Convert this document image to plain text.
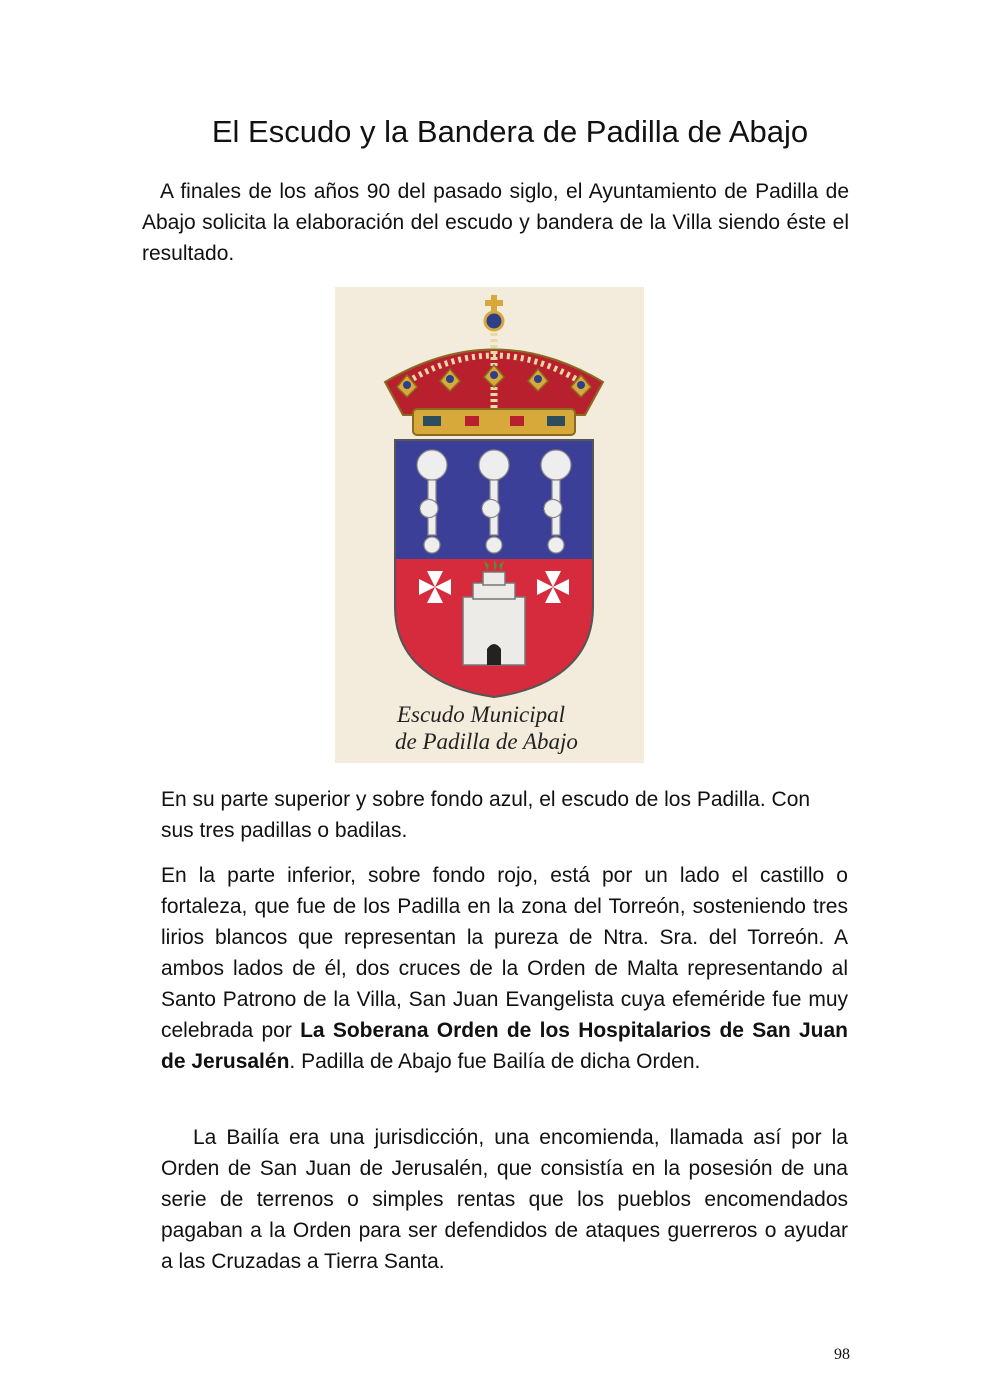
El Escudo y la Bandera de Padilla de Abajo

A finales de los años 90 del pasado siglo, el Ayuntamiento de Padilla de Abajo solicita la elaboración del escudo y bandera de la Villa siendo éste el resultado.

Escudo Municipal
de Padilla de Abajo

En su parte superior y sobre fondo azul, el escudo de los Padilla. Con sus tres padillas o badilas.

En la parte inferior, sobre fondo rojo, está por un lado el castillo o fortaleza, que fue de los Padilla en la zona del Torreón, sosteniendo tres lirios blancos que representan la pureza de Ntra. Sra. del Torreón. A ambos lados de él, dos cruces de la Orden de Malta representando al Santo Patrono de la Villa, San Juan Evangelista cuya efeméride fue muy celebrada por La Soberana Orden de los Hospitalarios de San Juan de Jerusalén. Padilla de Abajo fue Bailía de dicha Orden.

La Bailía era una jurisdicción, una encomienda, llamada así por la Orden de San Juan de Jerusalén, que consistía en la posesión de una serie de terrenos o simples rentas que los pueblos encomendados pagaban a la Orden para ser defendidos de ataques guerreros o ayudar a las Cruzadas a Tierra Santa.

98
